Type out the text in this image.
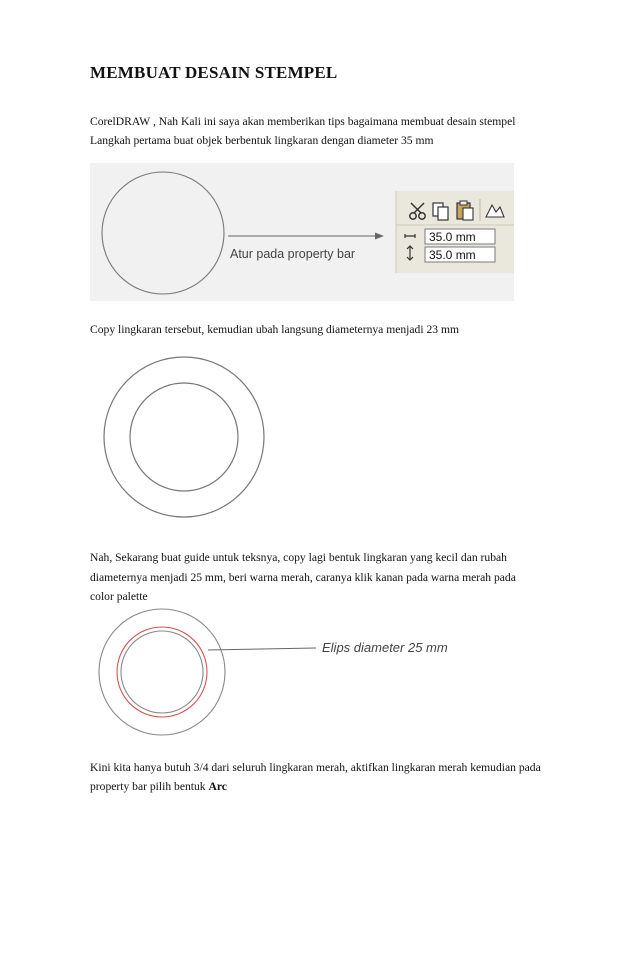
MEMBUAT DESAIN STEMPEL

CorelDRAW , Nah Kali ini saya akan memberikan tips bagaimana membuat desain stempel

Langkah pertama buat objek berbentuk lingkaran dengan diameter 35 mm

Atur pada property bar
35.0 mm
35.0 mm

Copy lingkaran tersebut, kemudian ubah langsung diameternya menjadi 23 mm

Nah, Sekarang buat guide untuk teksnya, copy lagi bentuk lingkaran yang kecil dan rubah

diameternya menjadi 25 mm, beri warna merah, caranya klik kanan pada warna merah pada

color palette

Elips diameter 25 mm

Kini kita hanya butuh 3/4 dari seluruh lingkaran merah, aktifkan lingkaran merah kemudian pada

property bar pilih bentuk Arc
